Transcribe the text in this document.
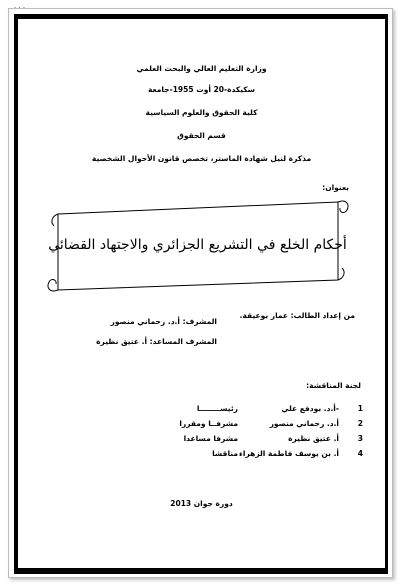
· · ·
وزارة التعليم العالي والبحث العلمي
سكيكدة-20 أوت 1955-جامعة
كلية الحقوق والعلوم السياسية
قسم الحقوق
مذكرة لنيل شهادة الماستر، تخصص قانون الأحوال الشخصية
بعنوان:
أحكام الخلع في التشريع الجزائري والاجتهاد القضائي
من إعداد الطالب: عمار بوعيقة.
المشرف: أ.د. رحماني منصور
المشرف المساعد: أ. عتيق نظيرة
لجنة المناقشة:
1
-أ.د. بودفع علي
رئيســــــــا
2
أ.د. رحماني منصور
مشرفــا ومقررا
3
أ. عتيق نظيرة
مشرفا مساعدا
4
أ. بن يوسف فاطمة الزهراء
مناقشا
دورة جوان 2013
